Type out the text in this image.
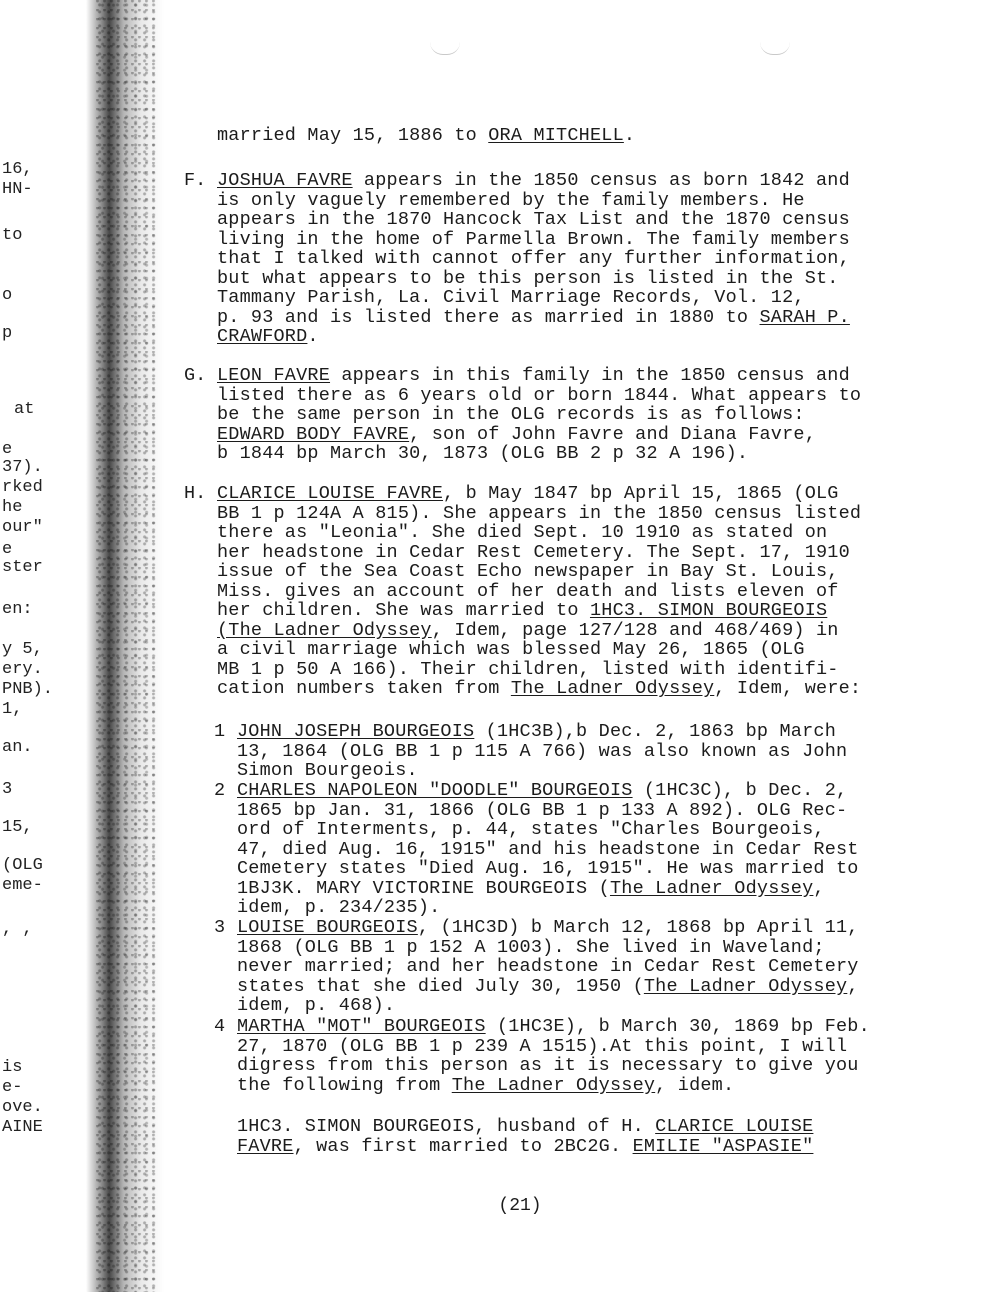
16,
HN-
to
o
p
at
e
37).
rked
he
our"
e
ster
en:
y 5,
ery.
PNB).
1,
an.
3
15,
(OLG
eme-
, ,
is
e-
ove.
AINE
married May 15, 1886 to ORA MITCHELL.
F. JOSHUA FAVRE appears in the 1850 census as born 1842 and
is only vaguely remembered by the family members. He
appears in the 1870 Hancock Tax List and the 1870 census
living in the home of Parmella Brown. The family members
that I talked with cannot offer any further information,
but what appears to be this person is listed in the St.
Tammany Parish, La. Civil Marriage Records, Vol. 12,
p. 93 and is listed there as married in 1880 to SARAH P.
CRAWFORD.
G. LEON FAVRE appears in this family in the 1850 census and
listed there as 6 years old or born 1844. What appears to
be the same person in the OLG records is as follows:
EDWARD BODY FAVRE, son of John Favre and Diana Favre,
b 1844 bp March 30, 1873 (OLG BB 2 p 32 A 196).
H. CLARICE LOUISE FAVRE, b May 1847 bp April 15, 1865 (OLG
BB 1 p 124A A 815). She appears in the 1850 census listed
there as "Leonia". She died Sept. 10 1910 as stated on
her headstone in Cedar Rest Cemetery. The Sept. 17, 1910
issue of the Sea Coast Echo newspaper in Bay St. Louis,
Miss. gives an account of her death and lists eleven of
her children. She was married to 1HC3. SIMON BOURGEOIS
(The Ladner Odyssey, Idem, page 127/128 and 468/469) in
a civil marriage which was blessed May 26, 1865 (OLG
MB 1 p 50 A 166). Their children, listed with identifi-
cation numbers taken from The Ladner Odyssey, Idem, were:
1 JOHN JOSEPH BOURGEOIS (1HC3B),b Dec. 2, 1863 bp March
13, 1864 (OLG BB 1 p 115 A 766) was also known as John
Simon Bourgeois.
2 CHARLES NAPOLEON "DOODLE" BOURGEOIS (1HC3C), b Dec. 2,
1865 bp Jan. 31, 1866 (OLG BB 1 p 133 A 892). OLG Rec-
ord of Interments, p. 44, states "Charles Bourgeois,
47, died Aug. 16, 1915" and his headstone in Cedar Rest
Cemetery states "Died Aug. 16, 1915". He was married to
1BJ3K. MARY VICTORINE BOURGEOIS (The Ladner Odyssey,
idem, p. 234/235).
3 LOUISE BOURGEOIS, (1HC3D) b March 12, 1868 bp April 11,
1868 (OLG BB 1 p 152 A 1003). She lived in Waveland;
never married; and her headstone in Cedar Rest Cemetery
states that she died July 30, 1950 (The Ladner Odyssey,
idem, p. 468).
4 MARTHA "MOT" BOURGEOIS (1HC3E), b March 30, 1869 bp Feb.
27, 1870 (OLG BB 1 p 239 A 1515).At this point, I will
digress from this person as it is necessary to give you
the following from The Ladner Odyssey, idem.
1HC3. SIMON BOURGEOIS, husband of H. CLARICE LOUISE
FAVRE, was first married to 2BC2G. EMILIE "ASPASIE"
(21)
